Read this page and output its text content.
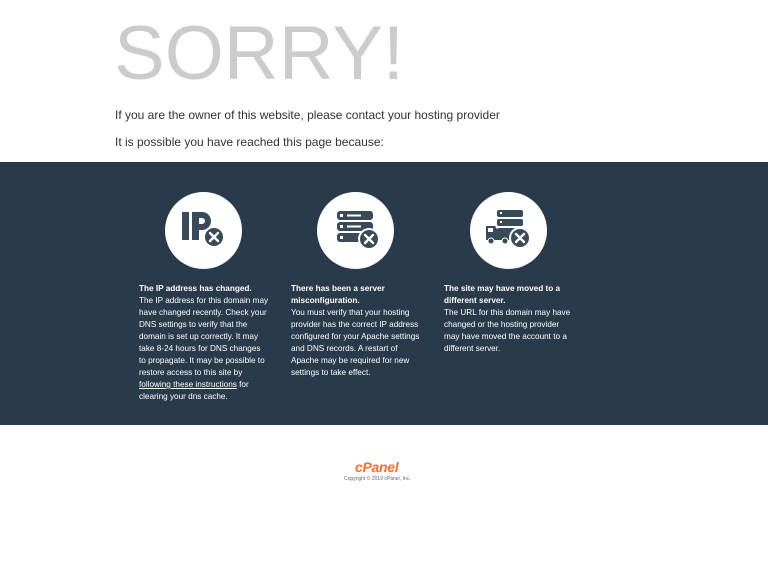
SORRY!
If you are the owner of this website, please contact your hosting provider
It is possible you have reached this page because:
The IP address has changed.
The IP address for this domain may have changed recently. Check your DNS settings to verify that the domain is set up correctly. It may take 8-24 hours for DNS changes to propagate. It may be possible to restore access to this site by following these instructions for clearing your dns cache.
There has been a server misconfiguration.
You must verify that your hosting provider has the correct IP address configured for your Apache settings and DNS records. A restart of Apache may be required for new settings to take effect.
The site may have moved to a different server.
The URL for this domain may have changed or the hosting provider may have moved the account to a different server.
cPanel
Copyright © 2019 cPanel, Inc.
